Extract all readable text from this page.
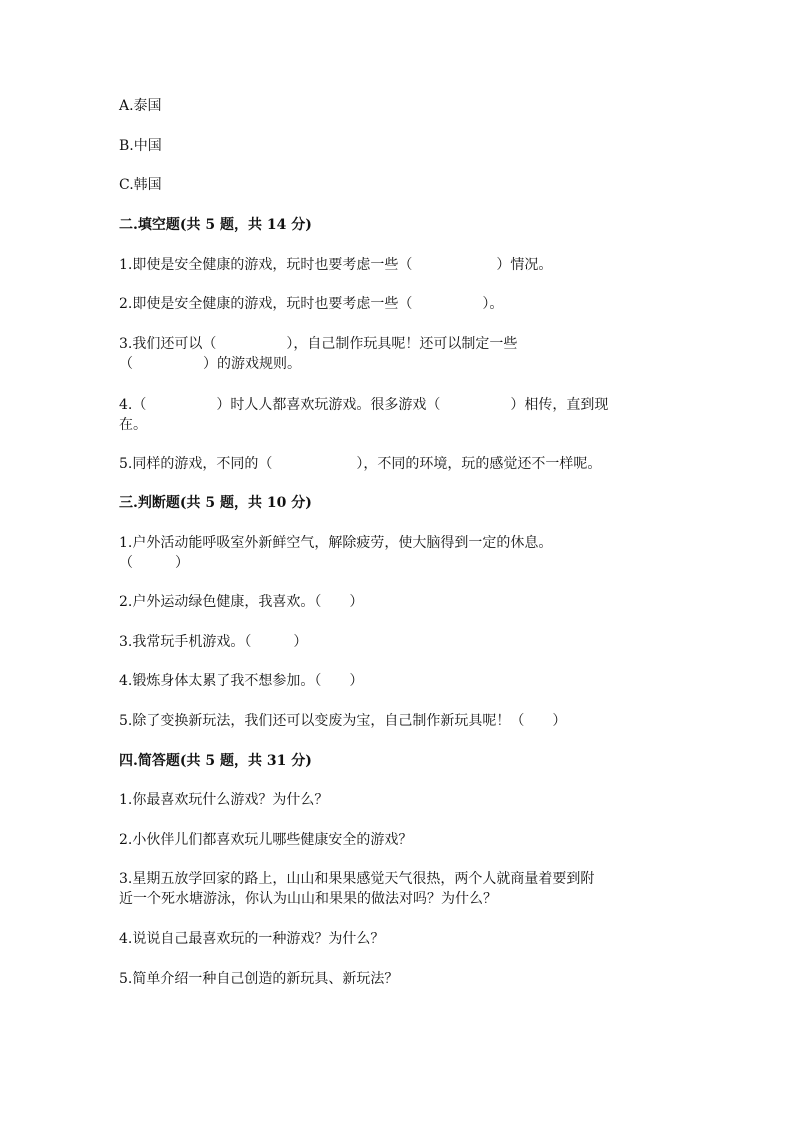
A.泰国
B.中国
C.韩国
二.填空题(共 5 题，共 14 分)
1.即使是安全健康的游戏，玩时也要考虑一些（　　　　　　）情况。
2.即使是安全健康的游戏，玩时也要考虑一些（　　　　　）。
3.我们还可以（　　　　　），自己制作玩具呢！还可以制定一些
（　　　　　）的游戏规则。
4.（　　　　　）时人人都喜欢玩游戏。很多游戏（　　　　　）相传，直到现
在。
5.同样的游戏，不同的（　　　　　　），不同的环境，玩的感觉还不一样呢。
三.判断题(共 5 题，共 10 分)
1.户外活动能呼吸室外新鲜空气，解除疲劳，使大脑得到一定的休息。
（　　　）
2.户外运动绿色健康，我喜欢。（　　）
3.我常玩手机游戏。（　　　）
4.锻炼身体太累了我不想参加。（　　）
5.除了变换新玩法，我们还可以变废为宝，自己制作新玩具呢！（　　）
四.简答题(共 5 题，共 31 分)
1.你最喜欢玩什么游戏？为什么？
2.小伙伴儿们都喜欢玩儿哪些健康安全的游戏？
3.星期五放学回家的路上，山山和果果感觉天气很热，两个人就商量着要到附
近一个死水塘游泳，你认为山山和果果的做法对吗？为什么？
4.说说自己最喜欢玩的一种游戏？为什么？
5.简单介绍一种自己创造的新玩具、新玩法？
